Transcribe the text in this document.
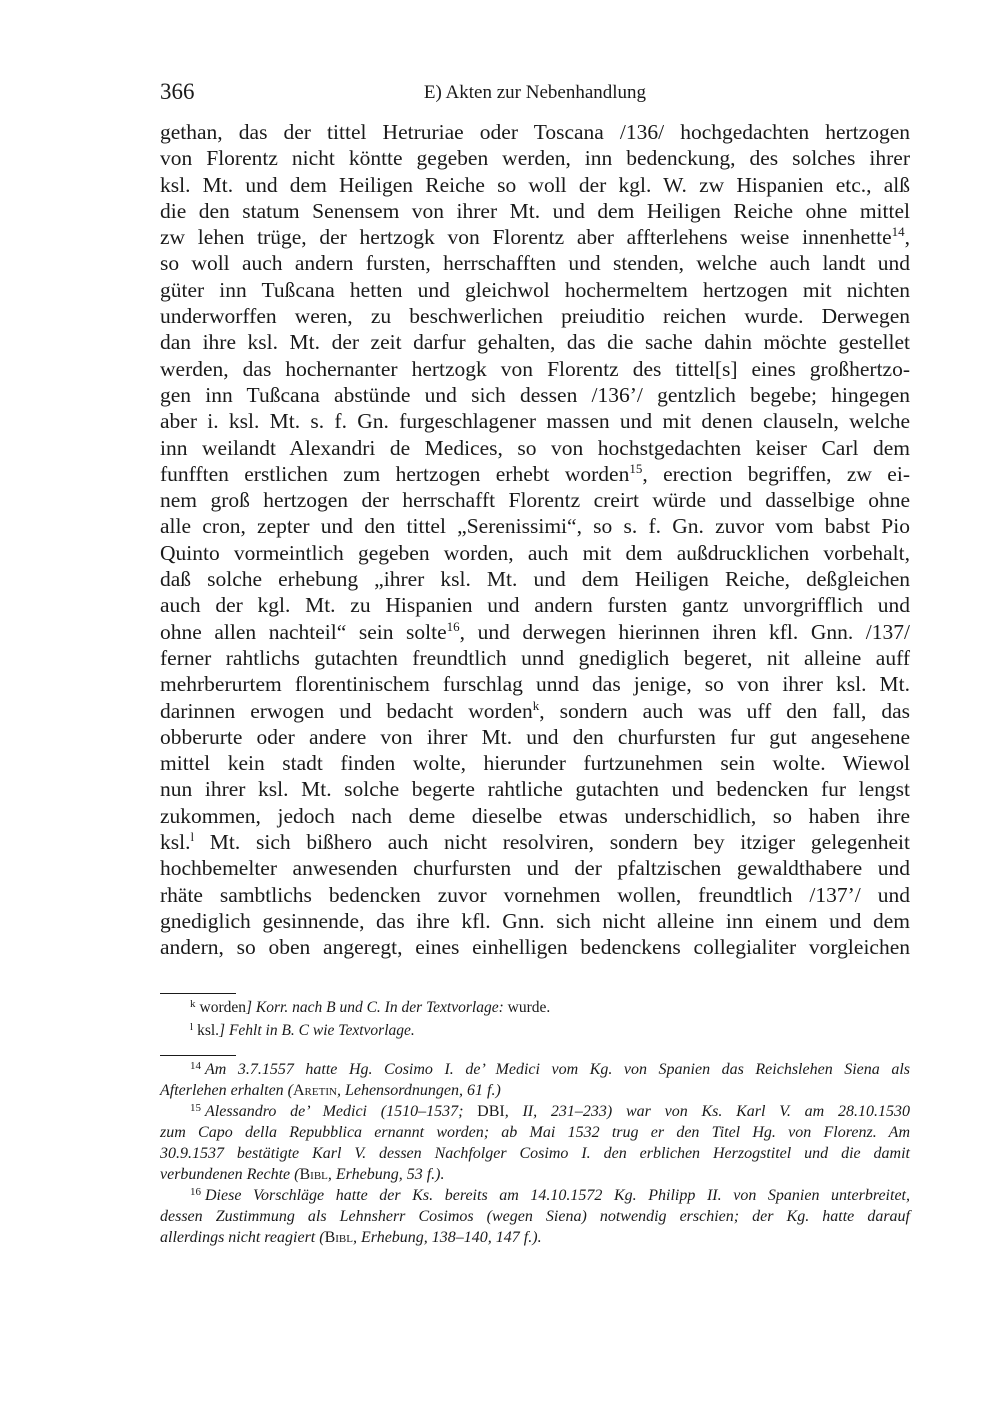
366	E) Akten zur Nebenhandlung
gethan, das der tittel Hetruriae oder Toscana /136/ hochgedachten hertzogen
von Florentz nicht köntte gegeben werden, inn bedenckung, des solches ihrer
ksl. Mt. und dem Heiligen Reiche so woll der kgl. W. zw Hispanien etc., alß
die den statum Senensem von ihrer Mt. und dem Heiligen Reiche ohne mittel
zw lehen trüge, der hertzogk von Florentz aber affterlehens weise innenhette$^{14}$,
so woll auch andern fursten, herrschafften und stenden, welche auch landt und
güter inn Tußcana hetten und gleichwol hochermeltem hertzogen mit nichten
underworffen weren, zu beschwerlichen preiuditio reichen wurde. Derwegen
dan ihre ksl. Mt. der zeit darfur gehalten, das die sache dahin möchte gestellet
werden, das hochernanter hertzogk von Florentz des tittel[s] eines großhertzo-
gen inn Tußcana abstünde und sich dessen /136’/ gentzlich begebe; hingegen
aber i. ksl. Mt. s. f. Gn. furgeschlagener massen und mit denen clauseln, welche
inn weilandt Alexandri de Medices, so von hochstgedachten keiser Carl dem
funfften erstlichen zum hertzogen erhebt worden$^{15}$, erection begriffen, zw ei-
nem groß hertzogen der herrschafft Florentz creirt würde und dasselbige ohne
alle cron, zepter und den tittel „Serenissimi“, so s. f. Gn. zuvor vom babst Pio
Quinto vormeintlich gegeben worden, auch mit dem außdrucklichen vorbehalt,
daß solche erhebung „ihrer ksl. Mt. und dem Heiligen Reiche, deßgleichen
auch der kgl. Mt. zu Hispanien und andern fursten gantz unvorgrifflich und
ohne allen nachteil“ sein solte$^{16}$, und derwegen hierinnen ihren kfl. Gnn. /137/
ferner rahtlichs gutachten freundtlich unnd gnediglich begeret, nit alleine auff
mehrberurtem florentinischem furschlag unnd das jenige, so von ihrer ksl. Mt.
darinnen erwogen und bedacht worden$^k$, sondern auch was uff den fall, das
obberurte oder andere von ihrer Mt. und den churfursten fur gut angesehene
mittel kein stadt finden wolte, hierunder furtzunehmen sein wolte. Wiewol
nun ihrer ksl. Mt. solche begerte rahtliche gutachten und bedencken fur lengst
zukommen, jedoch nach deme dieselbe etwas underschidlich, so haben ihre
ksl.$^l$ Mt. sich bißhero auch nicht resolviren, sondern bey itziger gelegenheit
hochbemelter anwesenden churfursten und der pfaltzischen gewaldthabere und
rhäte sambtlichs bedencken zuvor vornehmen wollen, freundtlich /137’/ und
gnediglich gesinnende, das ihre kfl. Gnn. sich nicht alleine inn einem und dem
andern, so oben angeregt, eines einhelligen bedenckens collegialiter vorgleichen
$^k$ worden] Korr. nach B und C. In der Textvorlage: wurde.
$^l$ ksl.] Fehlt in B. C wie Textvorlage.
$^{14}$ Am 3.7.1557 hatte Hg. Cosimo I. de’ Medici vom Kg. von Spanien das Reichslehen Siena als
Afterlehen erhalten (Aretin, Lehensordnungen, 61 f.)
$^{15}$ Alessandro de’ Medici (1510–1537; DBI, II, 231–233) war von Ks. Karl V. am 28.10.1530
zum Capo della Repubblica ernannt worden; ab Mai 1532 trug er den Titel Hg. von Florenz. Am
30.9.1537 bestätigte Karl V. dessen Nachfolger Cosimo I. den erblichen Herzogstitel und die damit
verbundenen Rechte (Bibl, Erhebung, 53 f.).
$^{16}$ Diese Vorschläge hatte der Ks. bereits am 14.10.1572 Kg. Philipp II. von Spanien unterbreitet,
dessen Zustimmung als Lehnsherr Cosimos (wegen Siena) notwendig erschien; der Kg. hatte darauf
allerdings nicht reagiert (Bibl, Erhebung, 138–140, 147 f.).
